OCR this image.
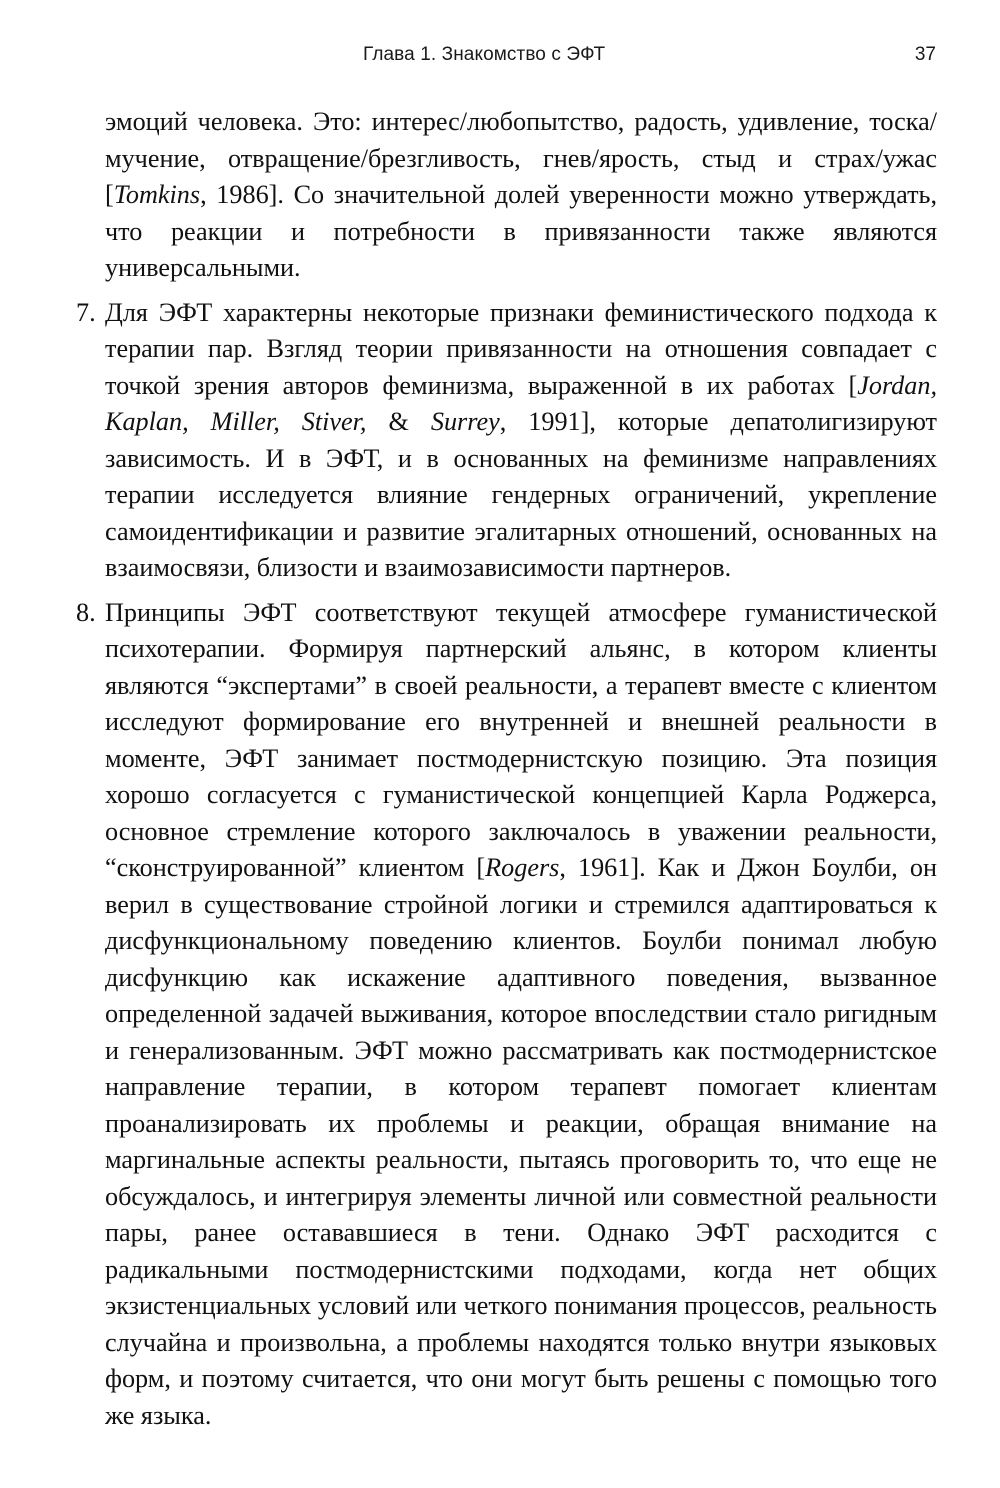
Глава 1. Знакомство с ЭФТ	37

эмоций человека. Это: интерес/любопытство, радость, удивление, тоска/мучение, отвращение/брезгливость, гнев/ярость, стыд и страх/ужас [Tomkins, 1986]. Со значительной долей уверенности можно утверждать, что реакции и потребности в привязанности также являются универсальными.

7. Для ЭФТ характерны некоторые признаки феминистического подхода к терапии пар. Взгляд теории привязанности на отношения совпадает с точкой зрения авторов феминизма, выраженной в их работах [Jordan, Kaplan, Miller, Stiver, & Surrey, 1991], которые депатолигизируют зависимость. И в ЭФТ, и в основанных на феминизме направлениях терапии исследуется влияние гендерных ограничений, укрепление самоидентификации и развитие эгалитарных отношений, основанных на взаимосвязи, близости и взаимозависимости партнеров.
8. Принципы ЭФТ соответствуют текущей атмосфере гуманистической психотерапии. Формируя партнерский альянс, в котором клиенты являются “экспертами” в своей реальности, а терапевт вместе с клиентом исследуют формирование его внутренней и внешней реальности в моменте, ЭФТ занимает постмодернистскую позицию. Эта позиция хорошо согласуется с гуманистической концепцией Карла Роджерса, основное стремление которого заключалось в уважении реальности, “сконструированной” клиентом [Rogers, 1961]. Как и Джон Боулби, он верил в существование стройной логики и стремился адаптироваться к дисфункциональному поведению клиентов. Боулби понимал любую дисфункцию как искажение адаптивного поведения, вызванное определенной задачей выживания, которое впоследствии стало ригидным и генерализованным. ЭФТ можно рассматривать как постмодернистское направление терапии, в котором терапевт помогает клиентам проанализировать их проблемы и реакции, обращая внимание на маргинальные аспекты реальности, пытаясь проговорить то, что еще не обсуждалось, и интегрируя элементы личной или совместной реальности пары, ранее остававшиеся в тени. Однако ЭФТ расходится с радикальными постмодернистскими подходами, когда нет общих экзистенциальных условий или четкого понимания процессов, реальность случайна и произвольна, а проблемы находятся только внутри языковых форм, и поэтому считается, что они могут быть решены с помощью того же языка.
